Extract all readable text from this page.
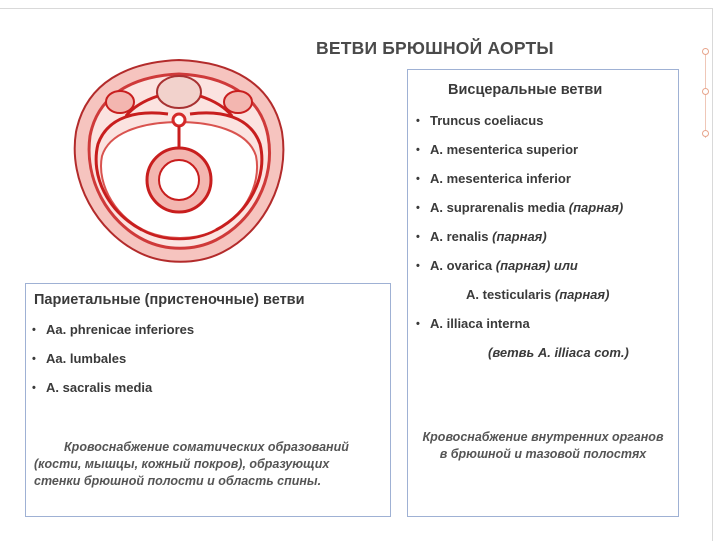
ВЕТВИ БРЮШНОЙ АОРТЫ
Висцеральные ветви
• Truncus coeliacus
• A. mesenterica superior
• A. mesenterica inferior
• A. suprarenalis media (парная)
• A. renalis (парная)
• A. ovarica (парная) или
A. testicularis (парная)
• A. illiaca interna
(ветвь A. illiaca com.)
Кровоснабжение внутренних органов в брюшной и тазовой полостях
Париетальные (пристеночные) ветви
• Aa. phrenicae inferiores
• Aa. lumbales
• A. sacralis media
Кровоснабжение соматических образований (кости, мышцы, кожный покров), образующих стенки брюшной полости и область спины.
